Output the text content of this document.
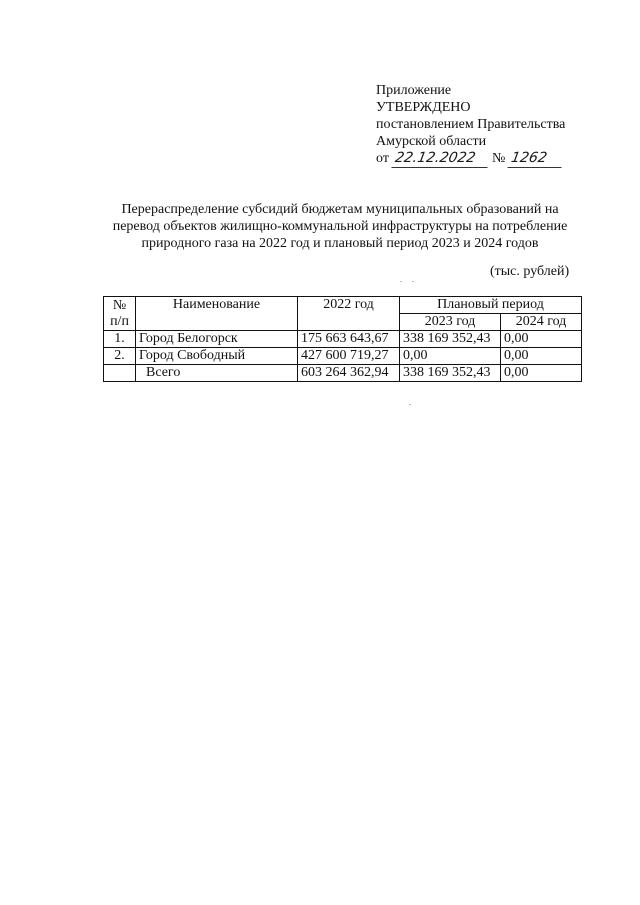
Приложение
УТВЕРЖДЕНО
постановлением Правительства
Амурской области
от 22.12.2022	№ 1262
Перераспределение субсидий бюджетам муниципальных образований на
перевод объектов жилищно-коммунальной инфраструктуры на потребление
природного газа на 2022 год и плановый период 2023 и 2024 годов
(тыс. рублей)
№
п/п	Наименование	2022 год	Плановый период	
			2023 год	2024 год
1.	Город Белогорск	175 663 643,67	338 169 352,43	0,00
2.	Город Свободный	427 600 719,27	0,00	0,00
	Всего	603 264 362,94	338 169 352,43	0,00
